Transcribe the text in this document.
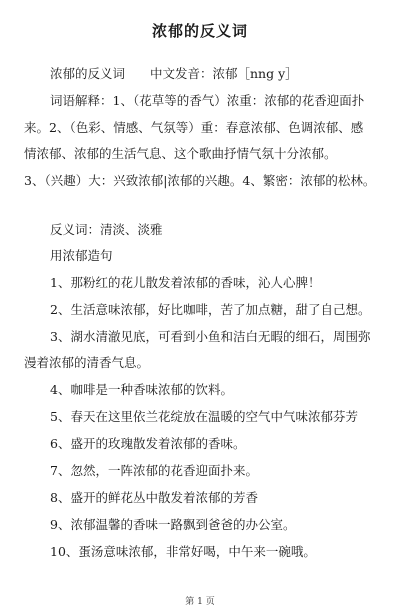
浓郁的反义词
浓郁的反义词　　中文发音：浓郁［nng y］
词语解释：1、（花草等的香气）浓重：浓郁的花香迎面扑
来。2、（色彩、情感、气氛等）重：春意浓郁、色调浓郁、感
情浓郁、浓郁的生活气息、这个歌曲抒情气氛十分浓郁。
3、（兴趣）大：兴致浓郁|浓郁的兴趣。4、繁密：浓郁的松林。
反义词：清淡、淡雅
用浓郁造句
1、那粉红的花儿散发着浓郁的香味，沁人心脾！
2、生活意味浓郁，好比咖啡，苦了加点糖，甜了自己想。
3、湖水清澈见底，可看到小鱼和洁白无暇的细石，周围弥
漫着浓郁的清香气息。
4、咖啡是一种香味浓郁的饮料。
5、春天在这里依兰花绽放在温暖的空气中气味浓郁芬芳
6、盛开的玫瑰散发着浓郁的香味。
7、忽然，一阵浓郁的花香迎面扑来。
8、盛开的鲜花丛中散发着浓郁的芳香
9、浓郁温馨的香味一路飘到爸爸的办公室。
10、蛋汤意味浓郁，非常好喝，中午来一碗哦。
第 1 页
